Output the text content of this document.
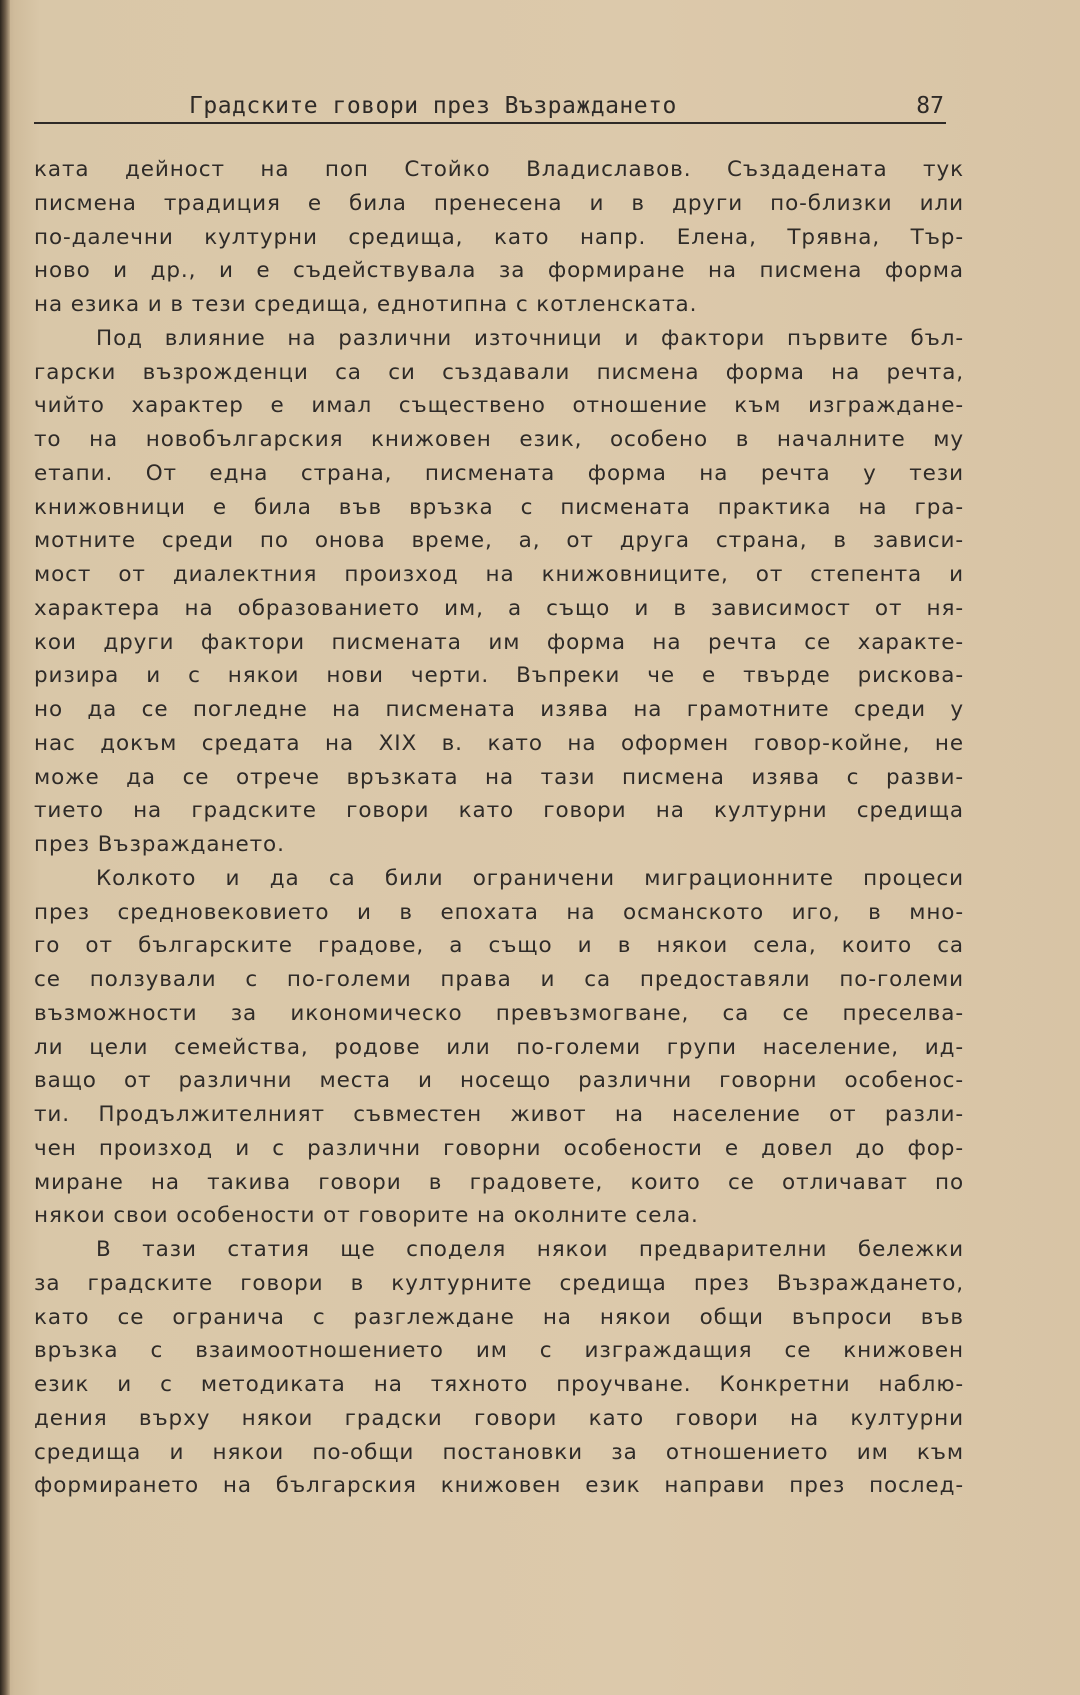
Градските говори през Възраждането	87
ката дейност на поп Стойко Владиславов. Създадената тук
писмена традиция е била пренесена и в други по-близки или
по-далечни културни средища, като напр. Елена, Трявна, Тър-
ново и др., и е съдействувала за формиране на писмена форма
на езика и в тези средища, еднотипна с котленската.
Под влияние на различни източници и фактори първите бъл-
гарски възрожденци са си създавали писмена форма на речта,
чийто характер е имал съществено отношение към изграждане-
то на новобългарския книжовен език, особено в началните му
етапи. От една страна, писмената форма на речта у тези
книжовници е била във връзка с писмената практика на гра-
мотните среди по онова време, а, от друга страна, в зависи-
мост от диалектния произход на книжовниците, от степента и
характера на образованието им, а също и в зависимост от ня-
кои други фактори писмената им форма на речта се характе-
ризира и с някои нови черти. Въпреки че е твърде рискова-
но да се погледне на писмената изява на грамотните среди у
нас докъм средата на XIX в. като на оформен говор-койне, не
може да се отрече връзката на тази писмена изява с разви-
тието на градските говори като говори на културни средища
през Възраждането.
Колкото и да са били ограничени миграционните процеси
през средновековието и в епохата на османското иго, в мно-
го от българските градове, а също и в някои села, които са
се ползували с по-големи права и са предоставяли по-големи
възможности за икономическо превъзмогване, са се преселва-
ли цели семейства, родове или по-големи групи население, ид-
ващо от различни места и носещо различни говорни особенос-
ти. Продължителният съвместен живот на население от разли-
чен произход и с различни говорни особености е довел до фор-
миране на такива говори в градовете, които се отличават по
някои свои особености от говорите на околните села.
В тази статия ще споделя някои предварителни бележки
за градските говори в културните средища през Възраждането,
като се ограничa с разглеждане на някои общи въпроси във
връзка с взаимоотношението им с изграждащия се книжовен
език и с методиката на тяхното проучване. Конкретни наблю-
дения върху някои градски говори като говори на културни
средища и някои по-общи постановки за отношението им към
формирането на българския книжовен език направи през послед-
